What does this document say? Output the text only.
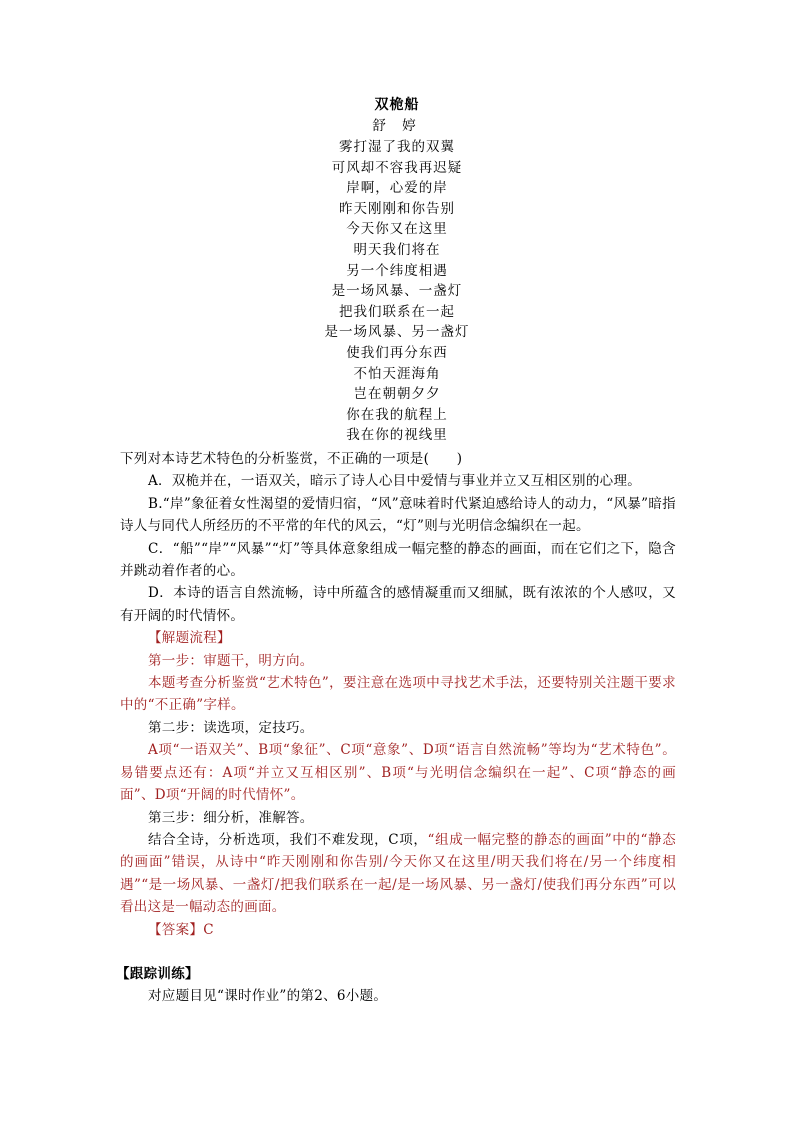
双桅船
舒 婷
雾打湿了我的双翼
可风却不容我再迟疑
岸啊，心爱的岸
昨天刚刚和你告别
今天你又在这里
明天我们将在
另一个纬度相遇
是一场风暴、一盏灯
把我们联系在一起
是一场风暴、另一盏灯
使我们再分东西
不怕天涯海角
岂在朝朝夕夕
你在我的航程上
我在你的视线里

下列对本诗艺术特色的分析鉴赏，不正确的一项是(　　)

A．双桅并在，一语双关，暗示了诗人心目中爱情与事业并立又互相区别的心理。

B.“岸”象征着女性渴望的爱情归宿，“风”意味着时代紧迫感给诗人的动力，“风暴”暗指诗人与同代人所经历的不平常的年代的风云，“灯”则与光明信念编织在一起。

C．“船”“岸”“风暴”“灯”等具体意象组成一幅完整的静态的画面，而在它们之下，隐含并跳动着作者的心。

D．本诗的语言自然流畅，诗中所蕴含的感情凝重而又细腻，既有浓浓的个人感叹，又有开阔的时代情怀。

【解题流程】

第一步：审题干，明方向。

本题考查分析鉴赏“艺术特色”，要注意在选项中寻找艺术手法，还要特别关注题干要求中的“不正确”字样。

第二步：读选项，定技巧。

A项“一语双关”、B项“象征”、C项“意象”、D项“语言自然流畅”等均为“艺术特色”。易错要点还有：A项“并立又互相区别”、B项“与光明信念编织在一起”、C项“静态的画面”、D项“开阔的时代情怀”。

第三步：细分析，准解答。

结合全诗，分析选项，我们不难发现，C项，“组成一幅完整的静态的画面”中的“静态的画面”错误，从诗中“昨天刚刚和你告别/今天你又在这里/明天我们将在/另一个纬度相遇”“是一场风暴、一盏灯/把我们联系在一起/是一场风暴、另一盏灯/使我们再分东西”可以看出这是一幅动态的画面。

【答案】C

【跟踪训练】

对应题目见“课时作业”的第2、6小题。
